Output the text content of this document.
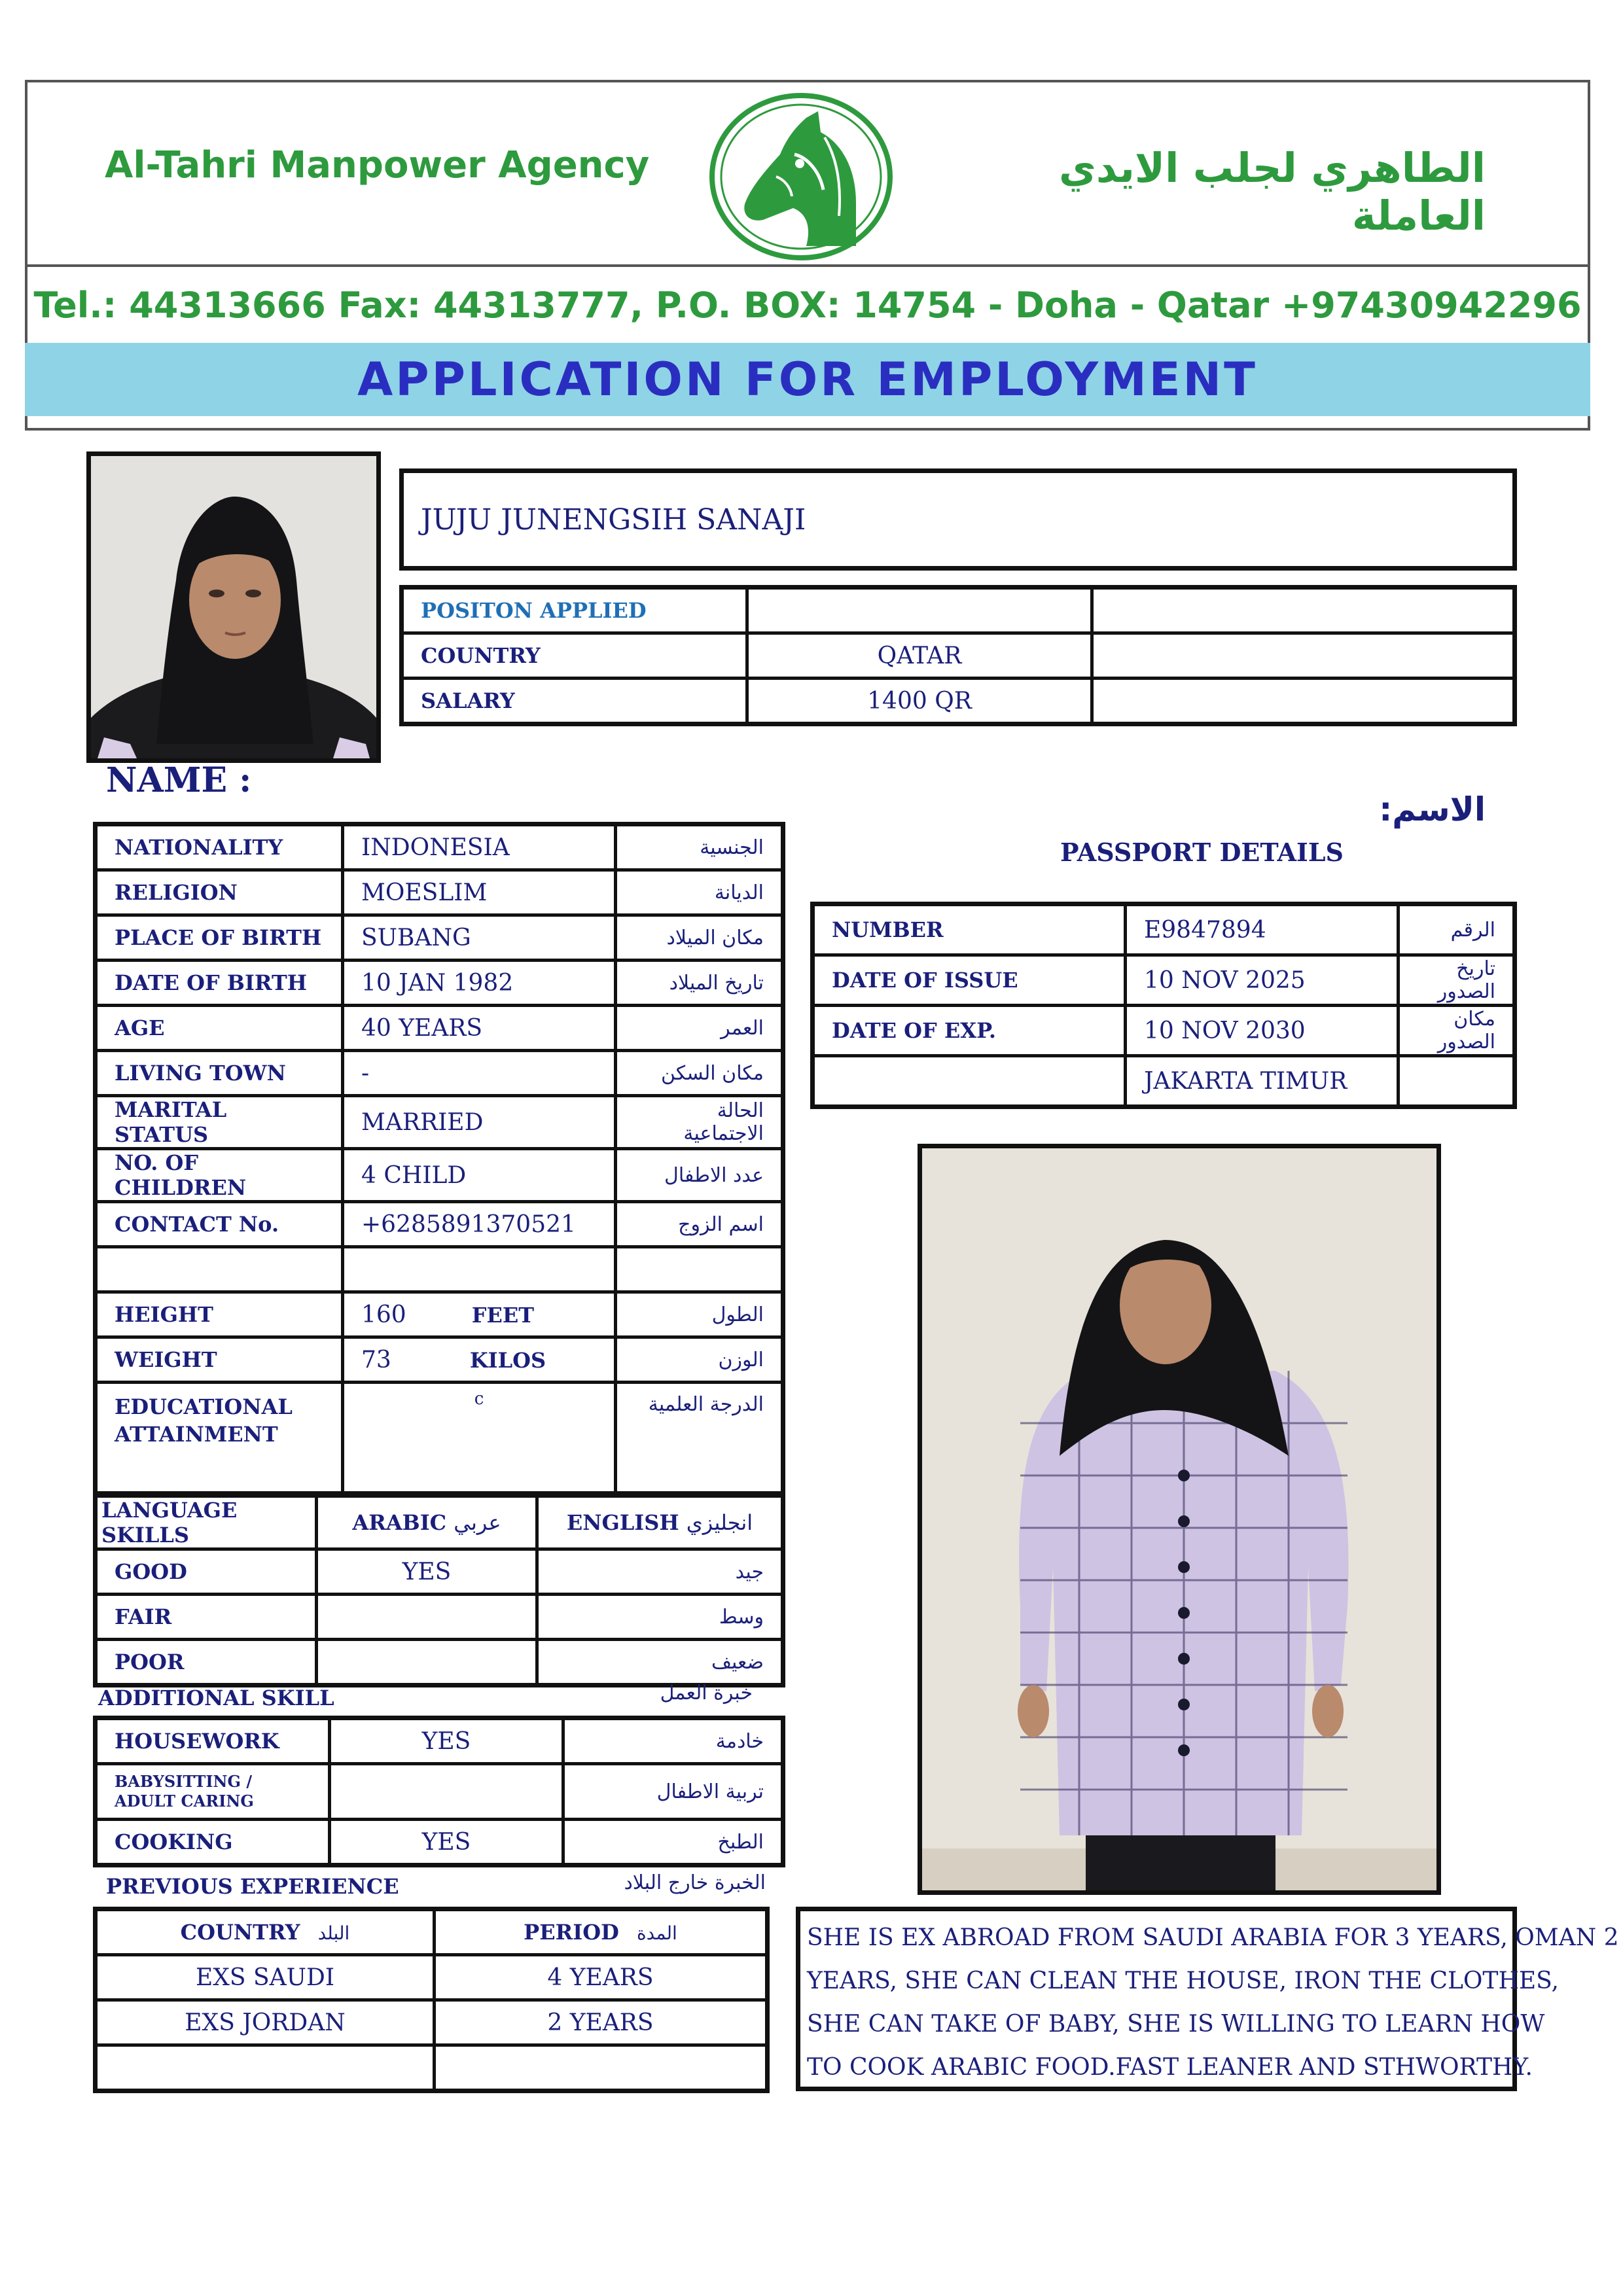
Al-Tahri Manpower Agency	الطاهري لجلب الايدي العاملة
Tel.: 44313666 Fax: 44313777, P.O. BOX: 14754 - Doha - Qatar +97430942296
APPLICATION FOR EMPLOYMENT
JUJU JUNENGSIH SANAJI
POSITON APPLIED		
COUNTRY	QATAR	
SALARY	1400 QR	
NAME :
الاسم:
NATIONALITY	INDONESIA	الجنسية
RELIGION	MOESLIM	الديانة
PLACE OF BIRTH	SUBANG	مكان الميلاد
DATE OF BIRTH	10 JAN 1982	تاريخ الميلاد
AGE	40 YEARS	العمر
LIVING TOWN	-	مكان السكن
MARITAL STATUS	MARRIED	الحالة الاجتماعية
NO. OF CHILDREN	4 CHILD	عدد الاطفال
CONTACT No.	+6285891370521	اسم الزوج

HEIGHT	160 FEET	الطول
WEIGHT	73 KILOS	الوزن
EDUCATIONAL ATTAINMENT	c	الدرجة العلمية
PASSPORT DETAILS
NUMBER	E9847894	الرقم
DATE OF ISSUE	10 NOV 2025	تاريخ الصدور
DATE OF EXP.	10 NOV 2030	مكان الصدور
	JAKARTA TIMUR	
LANGUAGE SKILLS	ARABIC عربي	ENGLISH انجليزي
GOOD	YES	جيد
FAIR		وسط
POOR		ضعيف
ADDITIONAL SKILL	خبرة العمل
HOUSEWORK	YES	خادمة
BABYSITTING / ADULT CARING		تربية الاطفال
COOKING	YES	الطبخ
PREVIOUS EXPERIENCE	الخبرة خارج البلاد
COUNTRY البلد	PERIOD المدة
EXS SAUDI	4 YEARS
EXS JORDAN	2 YEARS

SHE IS EX ABROAD FROM SAUDI ARABIA FOR 3 YEARS, OMAN 2
YEARS, SHE CAN CLEAN THE HOUSE, IRON THE CLOTHES,
SHE CAN TAKE OF BABY, SHE IS WILLING TO LEARN HOW
TO COOK ARABIC FOOD.FAST LEANER AND STHWORTHY.
